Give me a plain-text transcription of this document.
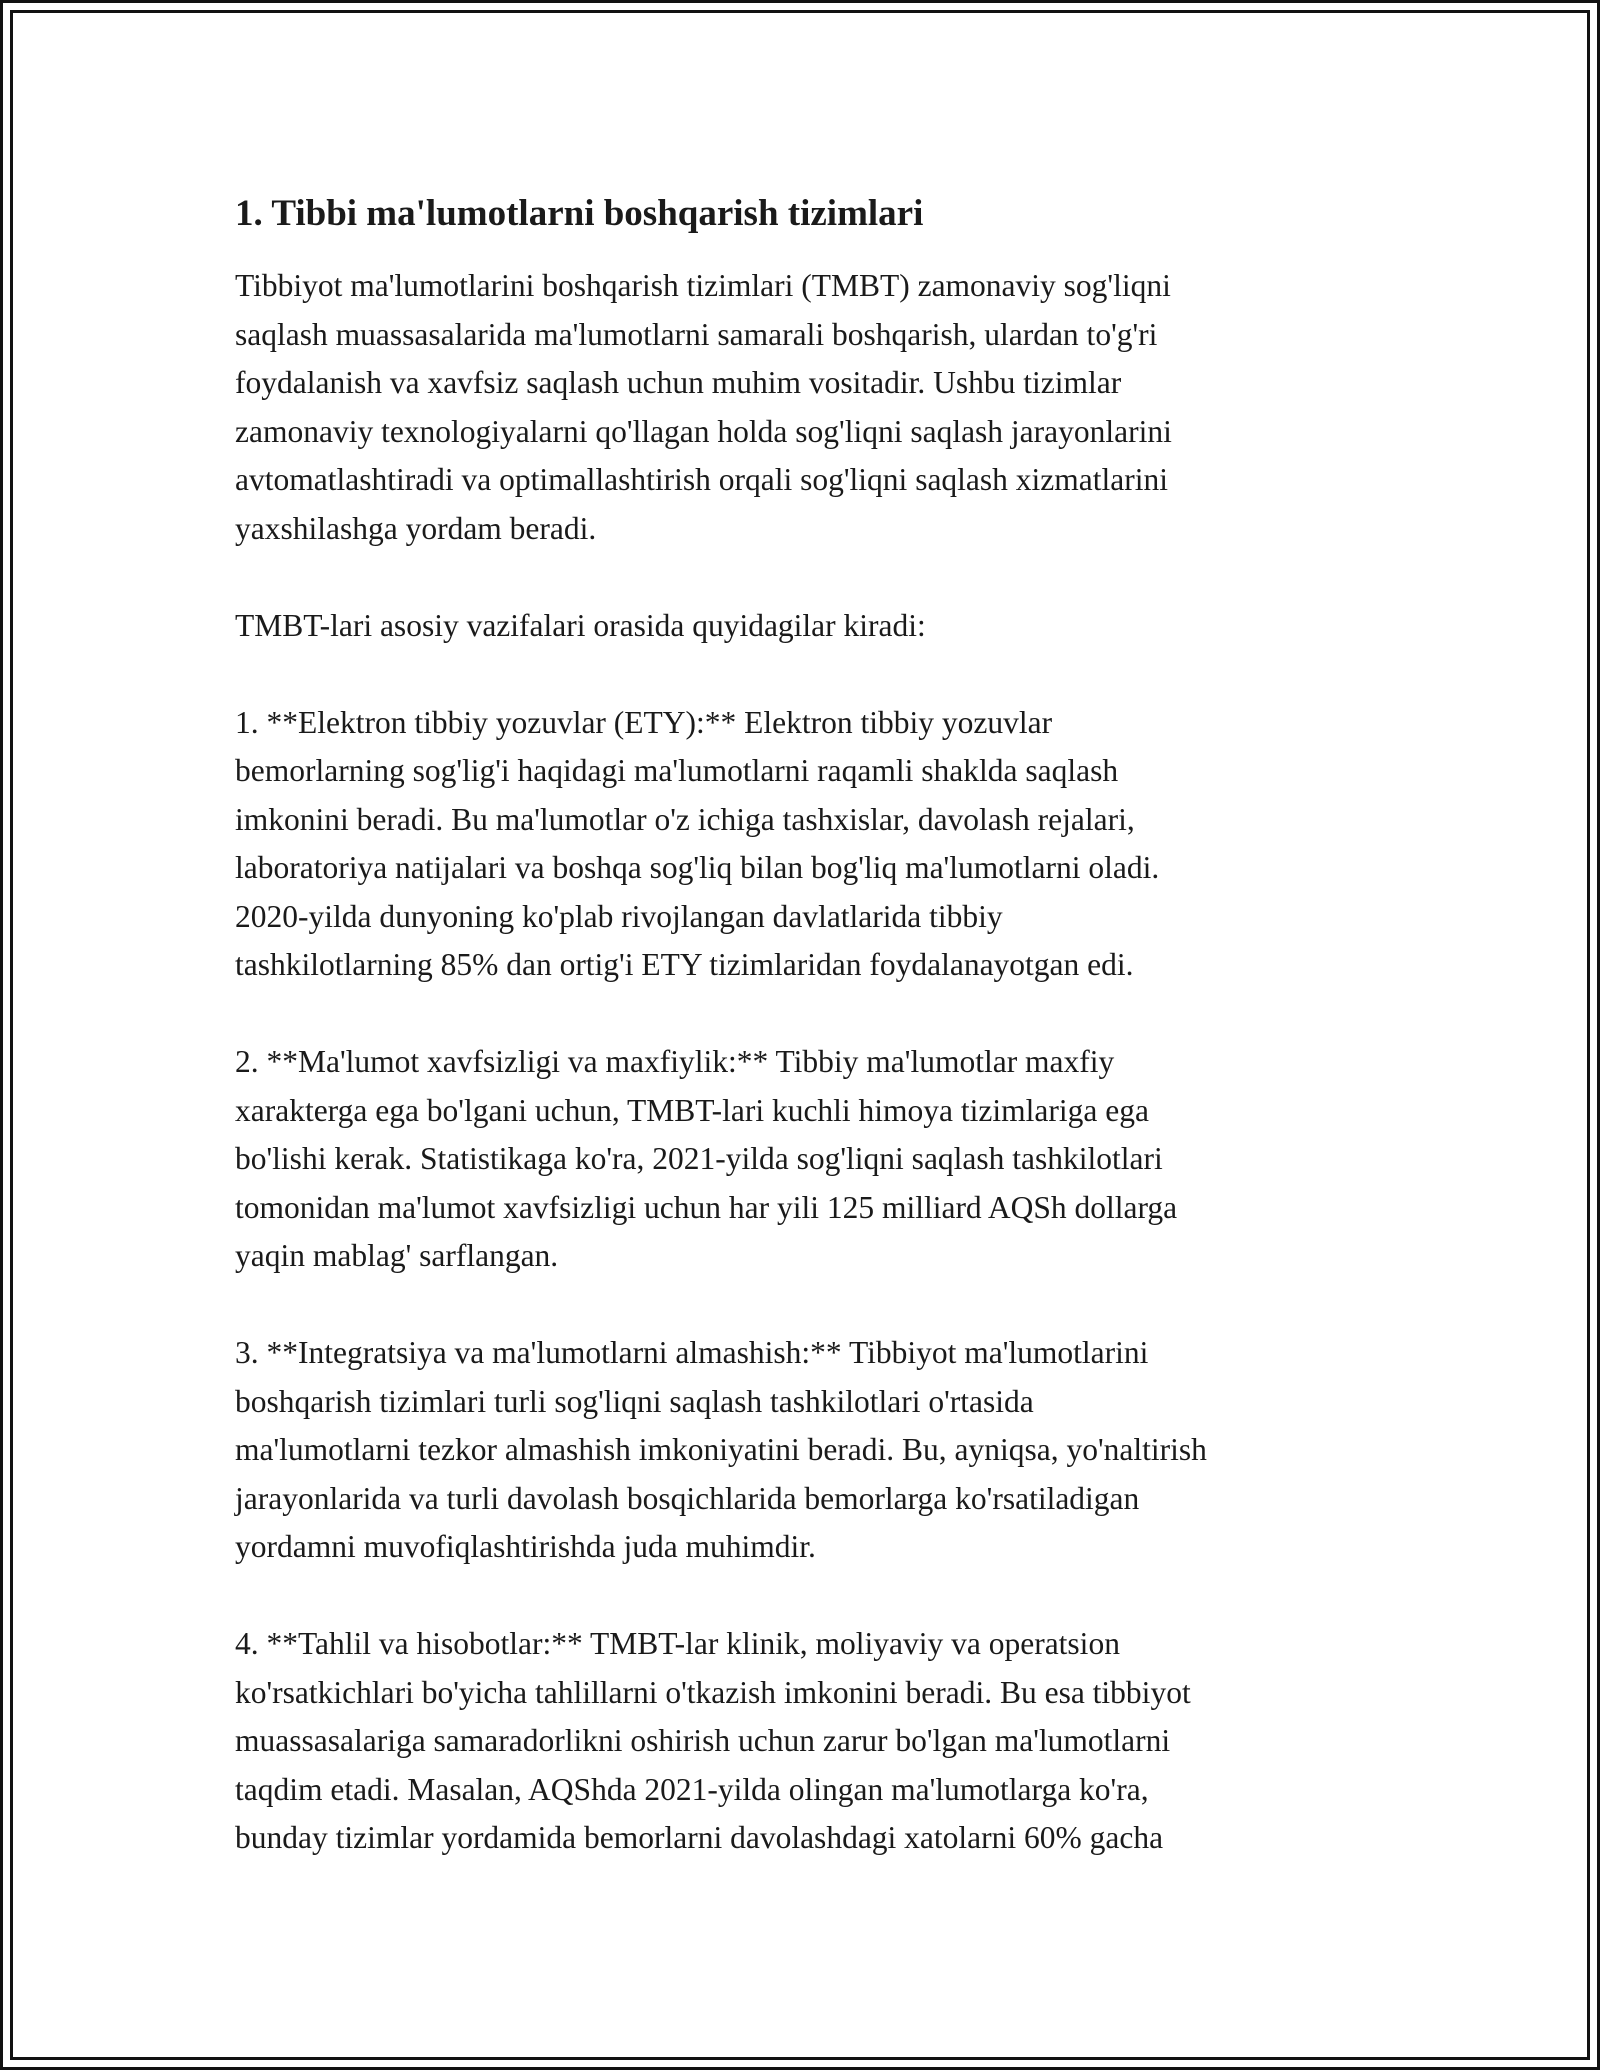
1. Tibbi ma'lumotlarni boshqarish tizimlari

Tibbiyot ma'lumotlarini boshqarish tizimlari (TMBT) zamonaviy sog'liqni
saqlash muassasalarida ma'lumotlarni samarali boshqarish, ulardan to'g'ri
foydalanish va xavfsiz saqlash uchun muhim vositadir. Ushbu tizimlar
zamonaviy texnologiyalarni qo'llagan holda sog'liqni saqlash jarayonlarini
avtomatlashtiradi va optimallashtirish orqali sog'liqni saqlash xizmatlarini
yaxshilashga yordam beradi.

TMBT-lari asosiy vazifalari orasida quyidagilar kiradi:

1. **Elektron tibbiy yozuvlar (ETY):** Elektron tibbiy yozuvlar
bemorlarning sog'lig'i haqidagi ma'lumotlarni raqamli shaklda saqlash
imkonini beradi. Bu ma'lumotlar o'z ichiga tashxislar, davolash rejalari,
laboratoriya natijalari va boshqa sog'liq bilan bog'liq ma'lumotlarni oladi.
2020-yilda dunyoning ko'plab rivojlangan davlatlarida tibbiy
tashkilotlarning 85% dan ortig'i ETY tizimlaridan foydalanayotgan edi.

2. **Ma'lumot xavfsizligi va maxfiylik:** Tibbiy ma'lumotlar maxfiy
xarakterga ega bo'lgani uchun, TMBT-lari kuchli himoya tizimlariga ega
bo'lishi kerak. Statistikaga ko'ra, 2021-yilda sog'liqni saqlash tashkilotlari
tomonidan ma'lumot xavfsizligi uchun har yili 125 milliard AQSh dollarga
yaqin mablag' sarflangan.

3. **Integratsiya va ma'lumotlarni almashish:** Tibbiyot ma'lumotlarini
boshqarish tizimlari turli sog'liqni saqlash tashkilotlari o'rtasida
ma'lumotlarni tezkor almashish imkoniyatini beradi. Bu, ayniqsa, yo'naltirish
jarayonlarida va turli davolash bosqichlarida bemorlarga ko'rsatiladigan
yordamni muvofiqlashtirishda juda muhimdir.

4. **Tahlil va hisobotlar:** TMBT-lar klinik, moliyaviy va operatsion
ko'rsatkichlari bo'yicha tahlillarni o'tkazish imkonini beradi. Bu esa tibbiyot
muassasalariga samaradorlikni oshirish uchun zarur bo'lgan ma'lumotlarni
taqdim etadi. Masalan, AQShda 2021-yilda olingan ma'lumotlarga ko'ra,
bunday tizimlar yordamida bemorlarni davolashdagi xatolarni 60% gacha
